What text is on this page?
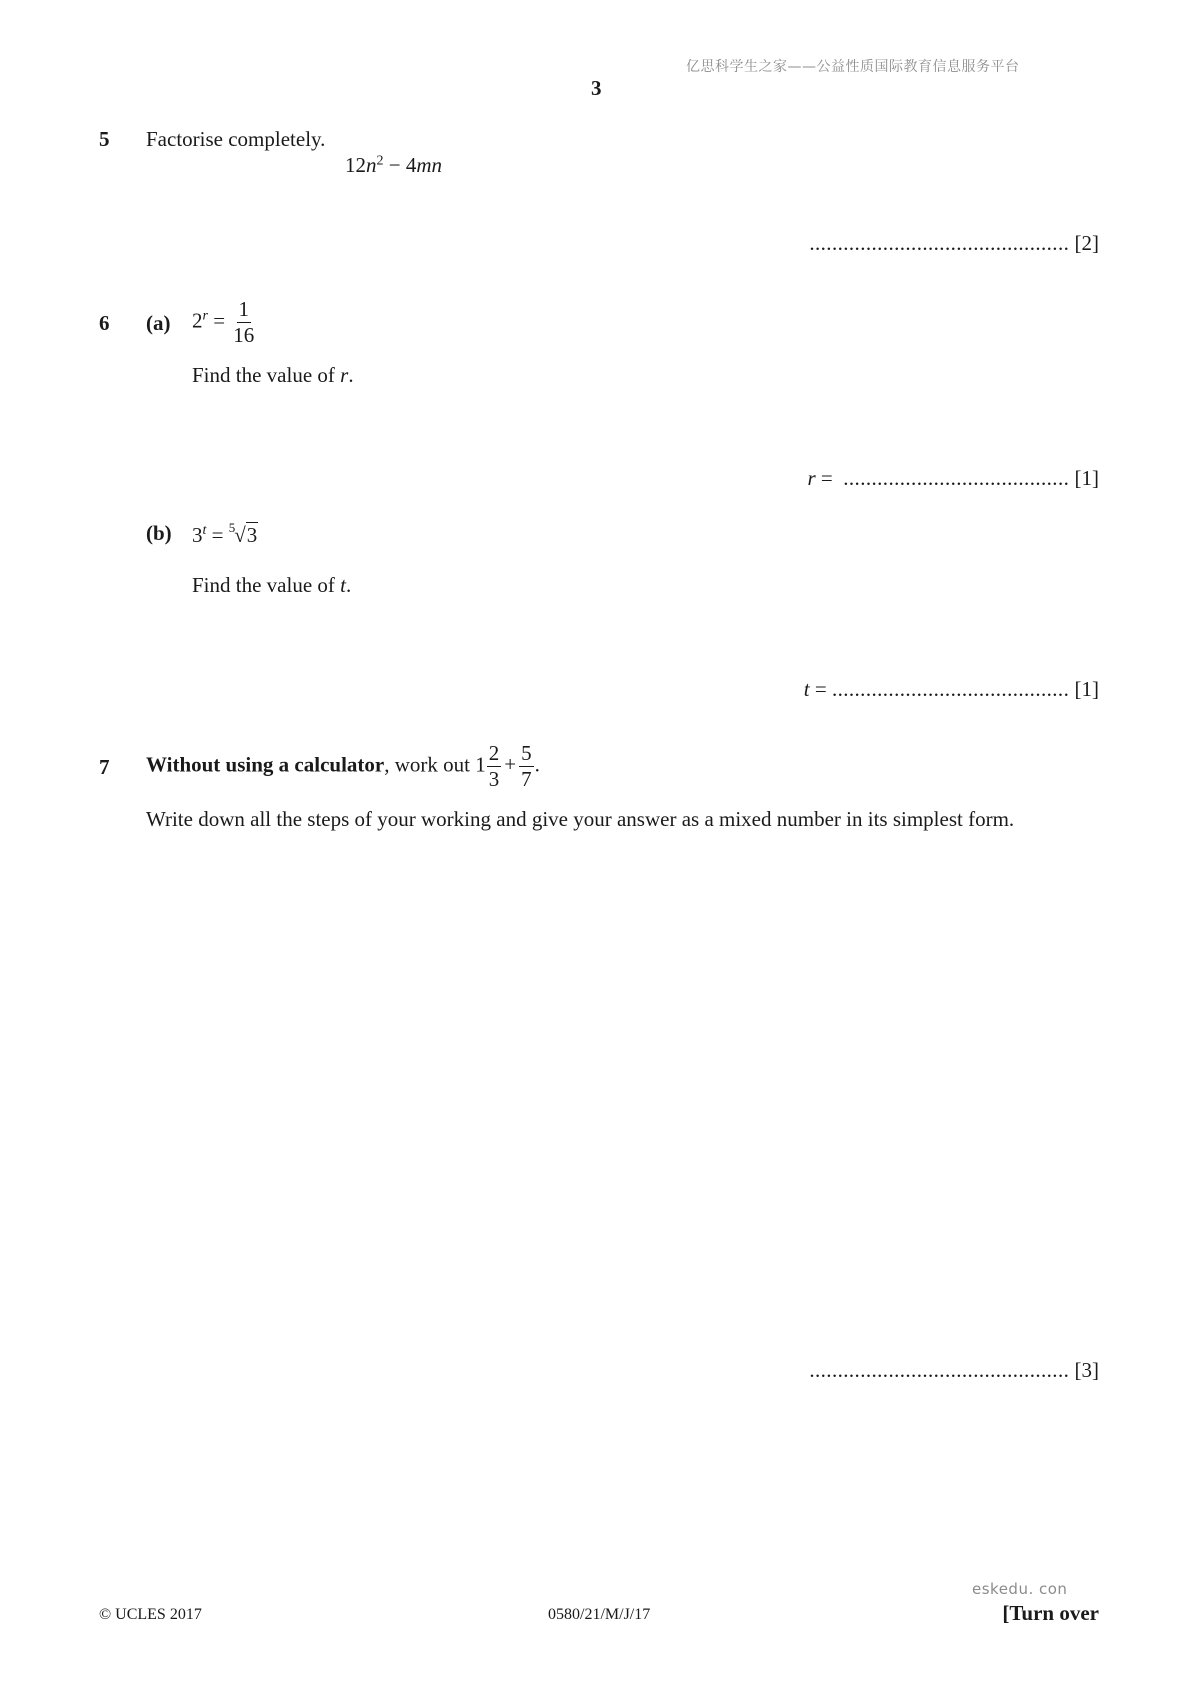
亿思科学生之家——公益性质国际教育信息服务平台
3
5 Factorise completely.
$12n^2 - 4mn$
.............................................. [2]
6 (a) $2^r = \frac{1}{16}$
Find the value of r.
r =  ........................................ [1]
(b) $3^t = ^5√3$
Find the value of t.
t = .......................................... [1]
7 Without using a calculator, work out $1 \frac{2}{3} + \frac{5}{7}$ .
Write down all the steps of your working and give your answer as a mixed number in its simplest form.
.............................................. [3]
eskedu. con
© UCLES 2017	0580/21/M/J/17	[Turn over
